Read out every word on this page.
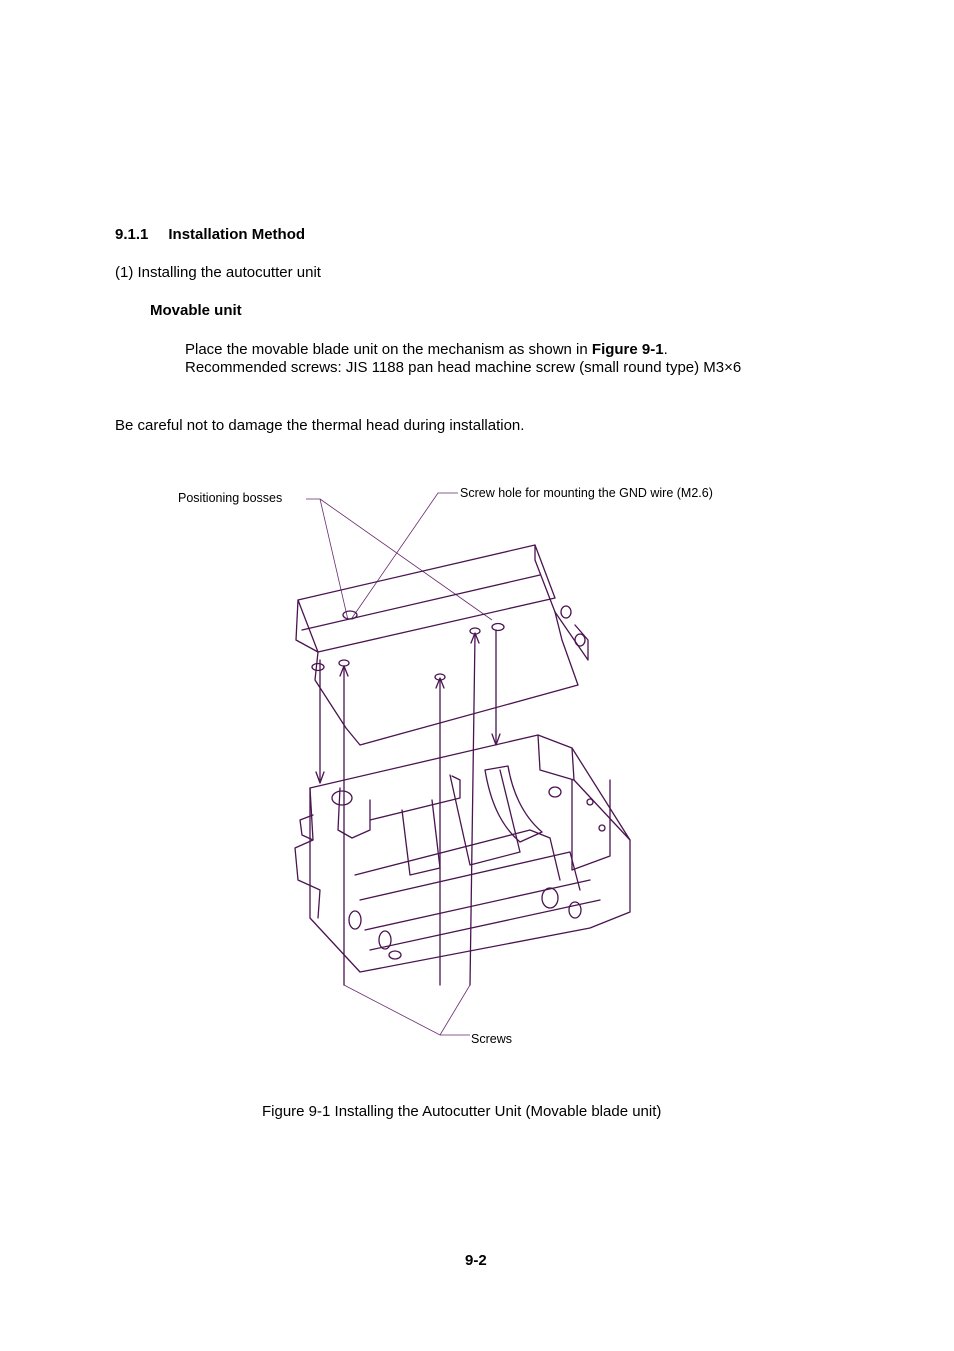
9.1.1 Installation Method
(1) Installing the autocutter unit
Movable unit
Place the movable blade unit on the mechanism as shown in Figure 9-1.
Recommended screws: JIS 1188 pan head machine screw (small round type) M3×6
Be careful not to damage the thermal head during installation.
Positioning bosses	Screw hole for mounting the GND wire (M2.6)
Screws
Figure 9-1 Installing the Autocutter Unit (Movable blade unit)
9-2
